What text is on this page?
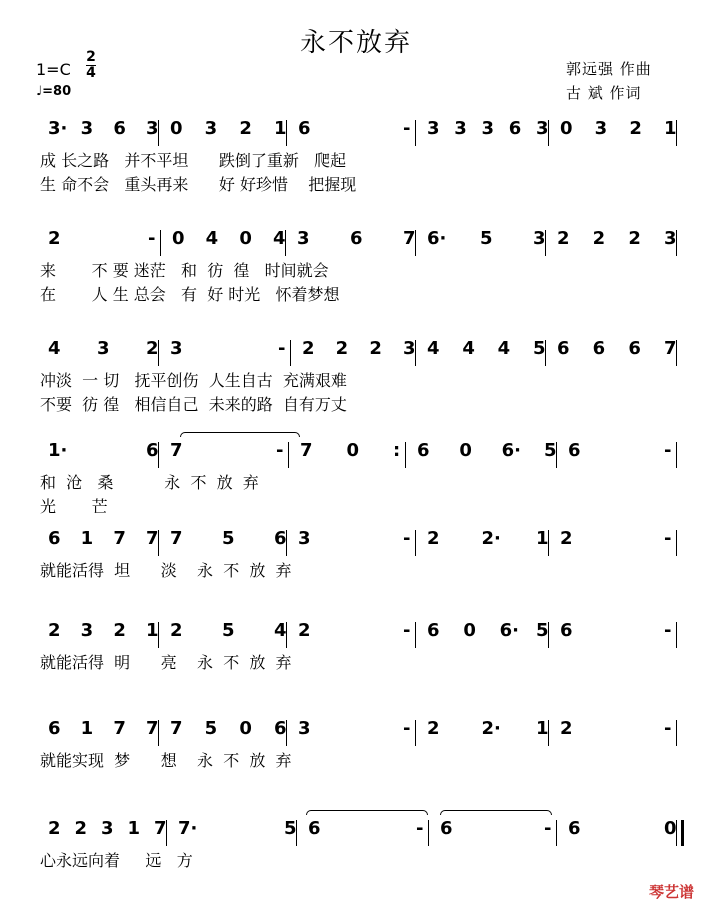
永不放弃
郭远强 作曲
古 斌 作词
1=C
2
4
♩=80
3· 3 6 3 0 3 2 1 6	- 3 3 3 6 3 0 3 2 1
成 长之路   并不平坦      跌倒了重新   爬起
生 命不会   重头再来      好 好珍惜    把握现
2	- 0 4 0 4 3 6 7 6· 5 3 2 2 2 3
来       不 要 迷茫   和  彷  徨   时间就会
在       人 生 总会   有  好 时光   怀着梦想
4 3 2 3	- 2 2 2 3 4 4 4 5 6 6 6 7
冲淡  一 切   抚平创伤  人生自古  充满艰难
不要  彷 徨   相信自己  未来的路  自有万丈
1·	6 7	- 7 0 : 6 0 6· 5 6	-
和  沧   桑          永  不  放  弃
光       芒
6 1 7 7 7 5 6 3	- 2 2· 1 2	-
就能活得  坦      淡    永  不  放  弃
2 3 2 1 2 5 4 2	- 6 0 6· 5 6	-
就能活得  明      亮    永  不  放  弃
6 1 7 7 7 5 0 6 3	- 2 2· 1 2	-
就能实现  梦      想    永  不  放  弃
2 2 3 1 7 7·	5 6	- 6	- 6	0
心永远向着     远   方
琴艺谱
